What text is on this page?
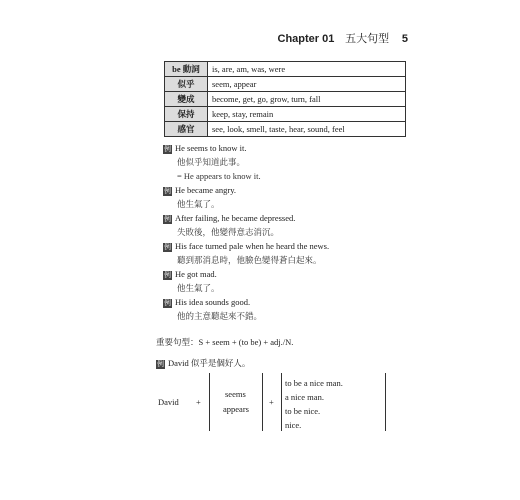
Chapter 01 五大句型 5
be 動詞	is, are, am, was, were
似乎	seem, appear
變成	become, get, go, grow, turn, fall
保持	keep, stay, remain
感官	see, look, smell, taste, hear, sound, feel
例 He seems to know it.
他似乎知道此事。
= He appears to know it.
例 He became angry.
他生氣了。
例 After failing, he became depressed.
失敗後，他變得意志消沉。
例 His face turned pale when he heard the news.
聽到那消息時，他臉色變得蒼白起來。
例 He got mad.
他生氣了。
例 His idea sounds good.
他的主意聽起來不錯。
重要句型：S + seem + (to be) + adj./N.
例 David 似乎是個好人。
David +
seems
appears
+
to be a nice man.
a nice man.
to be nice.
nice.
